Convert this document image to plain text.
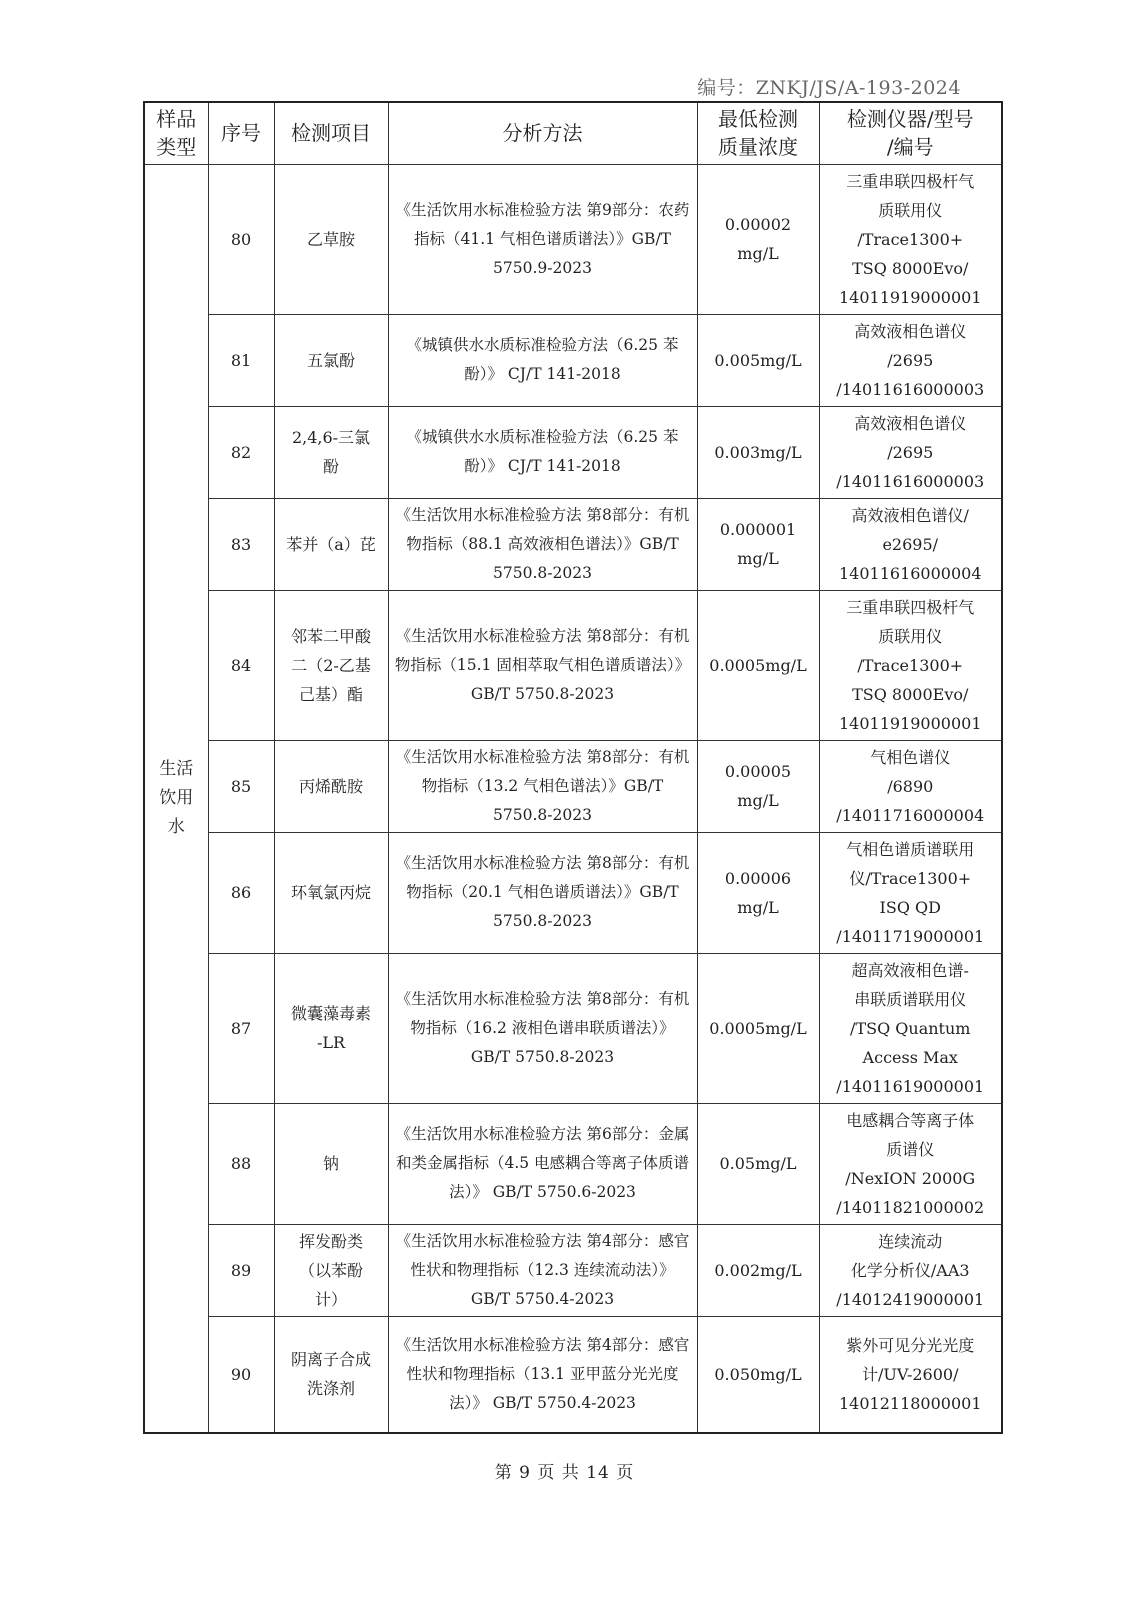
编号：ZNKJ/JS/A-193-2024
样品
类型	序号	检测项目	分析方法	最低检测
质量浓度	检测仪器/型号
/编号
生活
饮用
水	80	乙草胺	《生活饮用水标准检验方法 第9部分：农药指标（41.1 气相色谱质谱法）》GB/T 5750.9-2023	0.00002
mg/L	三重串联四极杆气
质联用仪
/Trace1300+
TSQ 8000Evo/
14011919000001
	81	五氯酚	《城镇供水水质标准检验方法（6.25 苯酚）》 CJ/T 141-2018	0.005mg/L	高效液相色谱仪
/2695
/14011616000003
	82	2,4,6-三氯
酚	《城镇供水水质标准检验方法（6.25 苯酚）》 CJ/T 141-2018	0.003mg/L	高效液相色谱仪
/2695
/14011616000003
	83	苯并（a）芘	《生活饮用水标准检验方法 第8部分：有机物指标（88.1 高效液相色谱法）》GB/T 5750.8-2023	0.000001
mg/L	高效液相色谱仪/
e2695/
14011616000004
	84	邻苯二甲酸
二（2-乙基
己基）酯	《生活饮用水标准检验方法 第8部分：有机物指标（15.1 固相萃取气相色谱质谱法）》GB/T 5750.8-2023	0.0005mg/L	三重串联四极杆气
质联用仪
/Trace1300+
TSQ 8000Evo/
14011919000001
	85	丙烯酰胺	《生活饮用水标准检验方法 第8部分：有机物指标（13.2 气相色谱法）》GB/T 5750.8-2023	0.00005
mg/L	气相色谱仪
/6890
/14011716000004
	86	环氧氯丙烷	《生活饮用水标准检验方法 第8部分：有机物指标（20.1 气相色谱质谱法）》GB/T 5750.8-2023	0.00006
mg/L	气相色谱质谱联用
仪/Trace1300+
ISQ QD
/14011719000001
	87	微囊藻毒素
-LR	《生活饮用水标准检验方法 第8部分：有机物指标（16.2 液相色谱串联质谱法）》GB/T 5750.8-2023	0.0005mg/L	超高效液相色谱-
串联质谱联用仪
/TSQ Quantum
Access Max
/14011619000001
	88	钠	《生活饮用水标准检验方法 第6部分：金属和类金属指标（4.5 电感耦合等离子体质谱法）》 GB/T 5750.6-2023	0.05mg/L	电感耦合等离子体
质谱仪
/NexION 2000G
/14011821000002
	89	挥发酚类
（以苯酚
计）	《生活饮用水标准检验方法 第4部分：感官性状和物理指标（12.3 连续流动法）》GB/T 5750.4-2023	0.002mg/L	连续流动
化学分析仪/AA3
/14012419000001
	90	阴离子合成
洗涤剂	《生活饮用水标准检验方法 第4部分：感官性状和物理指标（13.1 亚甲蓝分光光度法）》 GB/T 5750.4-2023	0.050mg/L	紫外可见分光光度
计/UV-2600/
14012118000001
第 9 页 共 14 页
